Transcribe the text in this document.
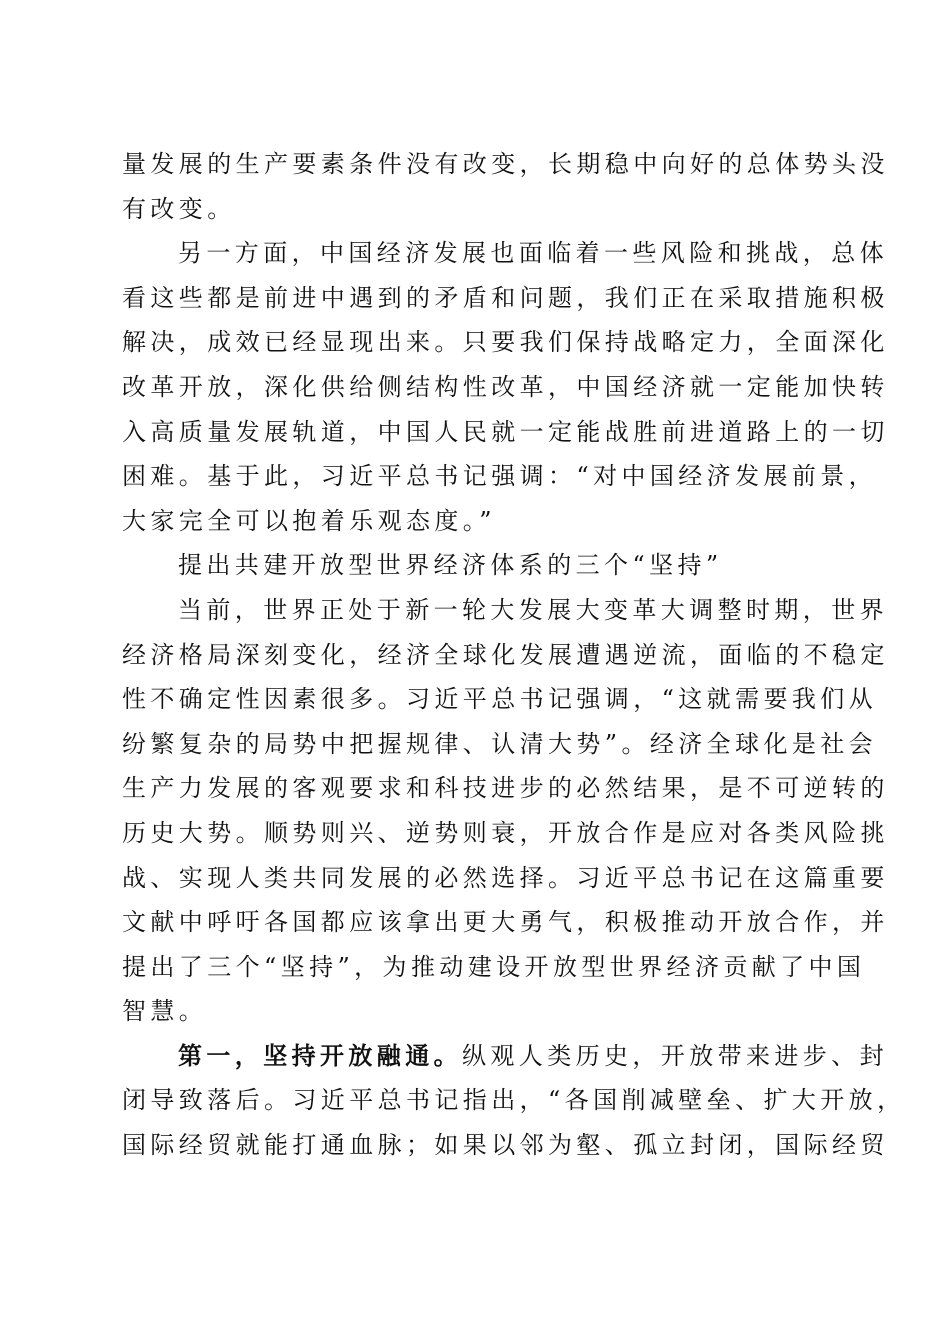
量发展的生产要素条件没有改变，长期稳中向好的总体势头没
有改变。
另一方面，中国经济发展也面临着一些风险和挑战，总体
看这些都是前进中遇到的矛盾和问题，我们正在采取措施积极
解决，成效已经显现出来。只要我们保持战略定力，全面深化
改革开放，深化供给侧结构性改革，中国经济就一定能加快转
入高质量发展轨道，中国人民就一定能战胜前进道路上的一切
困难。基于此，习近平总书记强调：“对中国经济发展前景，
大家完全可以抱着乐观态度。”
提出共建开放型世界经济体系的三个“坚持”
当前，世界正处于新一轮大发展大变革大调整时期，世界
经济格局深刻变化，经济全球化发展遭遇逆流，面临的不稳定
性不确定性因素很多。习近平总书记强调，“这就需要我们从
纷繁复杂的局势中把握规律、认清大势”。经济全球化是社会
生产力发展的客观要求和科技进步的必然结果，是不可逆转的
历史大势。顺势则兴、逆势则衰，开放合作是应对各类风险挑
战、实现人类共同发展的必然选择。习近平总书记在这篇重要
文献中呼吁各国都应该拿出更大勇气，积极推动开放合作，并
提出了三个“坚持”，为推动建设开放型世界经济贡献了中国
智慧。
第一，坚持开放融通。纵观人类历史，开放带来进步、封
闭导致落后。习近平总书记指出，“各国削减壁垒、扩大开放，
国际经贸就能打通血脉；如果以邻为壑、孤立封闭，国际经贸
